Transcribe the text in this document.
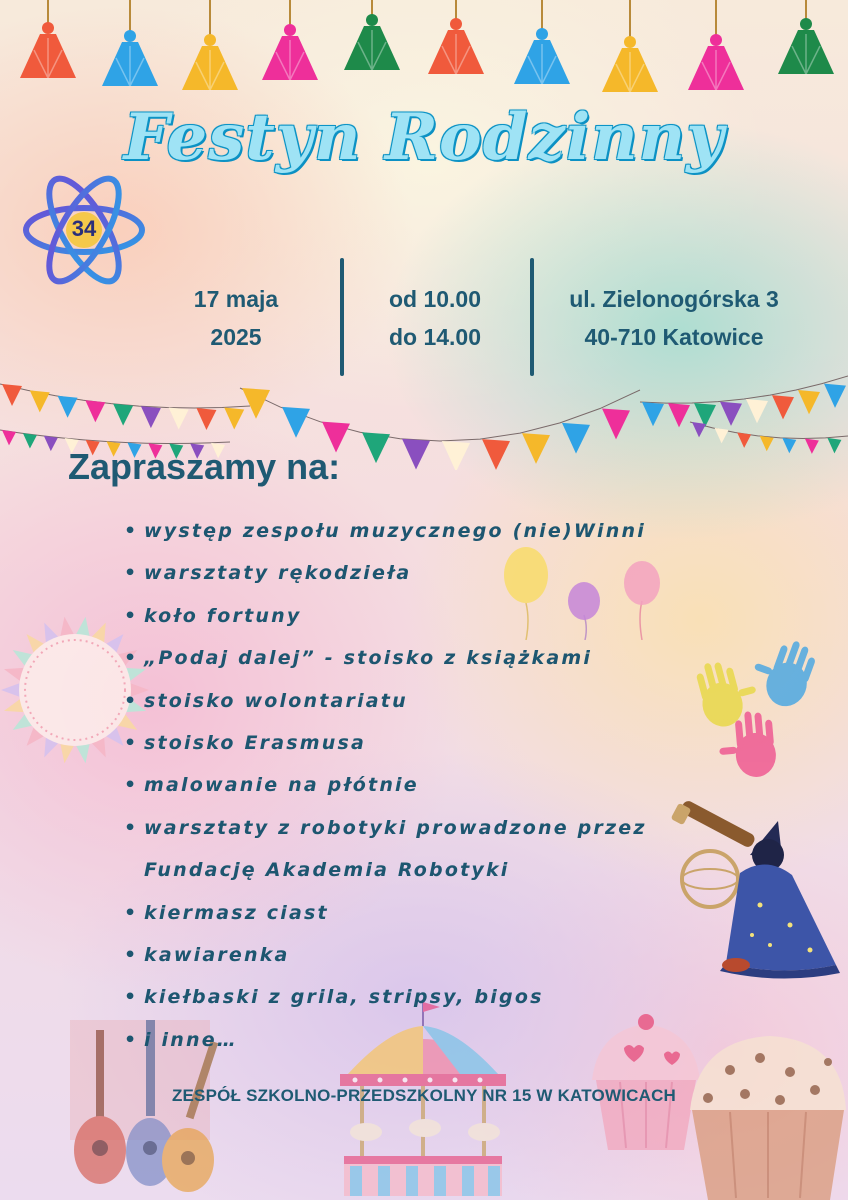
Festyn Rodzinny
34
17 maja
2025
od 10.00
do 14.00
ul. Zielonogórska 3
40-710 Katowice
Zapraszamy na:
• występ zespołu muzycznego (nie)Winni
• warsztaty rękodzieła
• koło fortuny
• „Podaj dalej” - stoisko z książkami
• stoisko wolontariatu
• stoisko Erasmusa
• malowanie na płótnie
• warsztaty z robotyki prowadzone przez
Fundację Akademia Robotyki
• kiermasz ciast
• kawiarenka
• kiełbaski z grila, stripsy, bigos
• i inne…
ZESPÓŁ SZKOLNO-PRZEDSZKOLNY NR 15 W KATOWICACH
